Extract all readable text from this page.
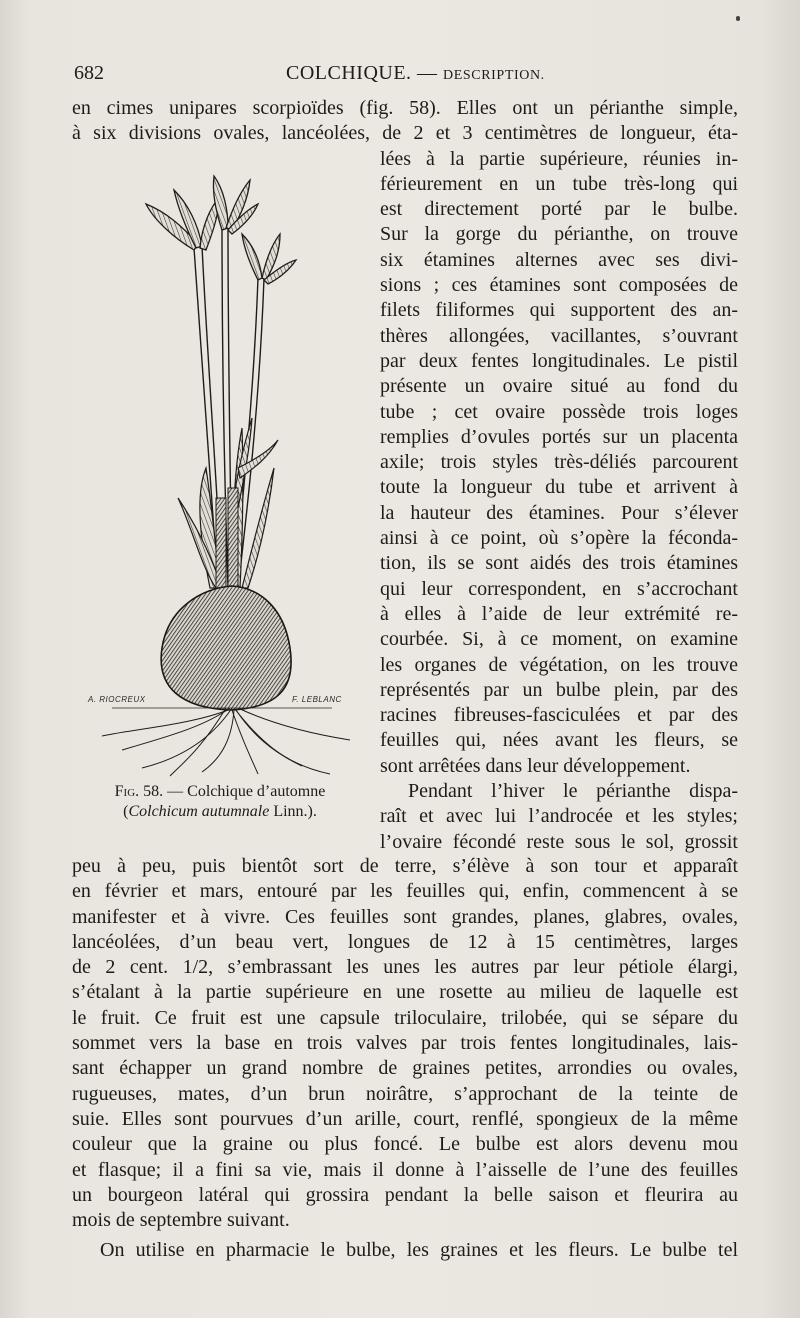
682	COLCHIQUE. — DESCRIPTION.
en cimes unipares scorpioïdes (fig. 58). Elles ont un périanthe simple,
à six divisions ovales, lancéolées, de 2 et 3 centimètres de longueur, éta-
A. RIOCREUX	F. LEBLANC
Fig. 58. — Colchique d’automne
(Colchicum autumnale Linn.).
lées à la partie supérieure, réunies in-
férieurement en un tube très-long qui
est directement porté par le bulbe.
Sur la gorge du périanthe, on trouve
six étamines alternes avec ses divi-
sions ; ces étamines sont composées de
filets filiformes qui supportent des an-
thères allongées, vacillantes, s’ouvrant
par deux fentes longitudinales. Le pistil
présente un ovaire situé au fond du
tube ; cet ovaire possède trois loges
remplies d’ovules portés sur un placenta
axile; trois styles très-déliés parcourent
toute la longueur du tube et arrivent à
la hauteur des étamines. Pour s’élever
ainsi à ce point, où s’opère la féconda-
tion, ils se sont aidés des trois étamines
qui leur correspondent, en s’accrochant
à elles à l’aide de leur extrémité re-
courbée. Si, à ce moment, on examine
les organes de végétation, on les trouve
représentés par un bulbe plein, par des
racines fibreuses-fasciculées et par des
feuilles qui, nées avant les fleurs, se
sont arrêtées dans leur développement.
Pendant l’hiver le périanthe dispa-
raît et avec lui l’androcée et les styles;
l’ovaire fécondé reste sous le sol, grossit
peu à peu, puis bientôt sort de terre, s’élève à son tour et apparaît
en février et mars, entouré par les feuilles qui, enfin, commencent à se
manifester et à vivre. Ces feuilles sont grandes, planes, glabres, ovales,
lancéolées, d’un beau vert, longues de 12 à 15 centimètres, larges
de 2 cent. 1/2, s’embrassant les unes les autres par leur pétiole élargi,
s’étalant à la partie supérieure en une rosette au milieu de laquelle est
le fruit. Ce fruit est une capsule triloculaire, trilobée, qui se sépare du
sommet vers la base en trois valves par trois fentes longitudinales, lais-
sant échapper un grand nombre de graines petites, arrondies ou ovales,
rugueuses, mates, d’un brun noirâtre, s’approchant de la teinte de
suie. Elles sont pourvues d’un arille, court, renflé, spongieux de la même
couleur que la graine ou plus foncé. Le bulbe est alors devenu mou
et flasque; il a fini sa vie, mais il donne à l’aisselle de l’une des feuilles
un bourgeon latéral qui grossira pendant la belle saison et fleurira au
mois de septembre suivant.
On utilise en pharmacie le bulbe, les graines et les fleurs. Le bulbe tel
